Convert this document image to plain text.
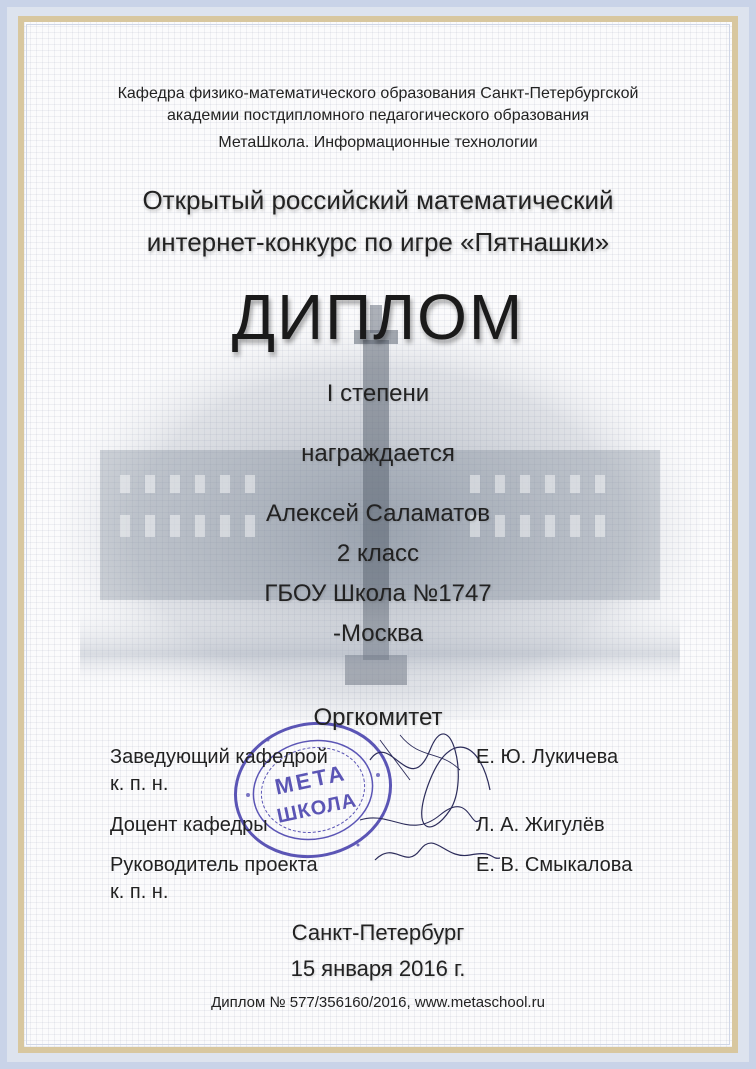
Кафедра физико-математического образования Санкт-Петербургской
академии постдипломного педагогического образования
МетаШкола. Информационные технологии
Открытый российский математический
интернет-конкурс по игре «Пятнашки»
ДИПЛОМ
I степени
награждается
Алексей Саламатов
2 класс
ГБОУ Школа №1747
-Москва
МЕТА
ШКОЛА
Оргкомитет
Заведующий кафедрой
к. п. н.
Е. Ю. Лукичева
Доцент кафедры	Л. А. Жигулёв
Руководитель проекта
к. п. н.
Е. В. Смыкалова
Санкт-Петербург
15 января 2016 г.
Диплом № 577/356160/2016, www.metaschool.ru
